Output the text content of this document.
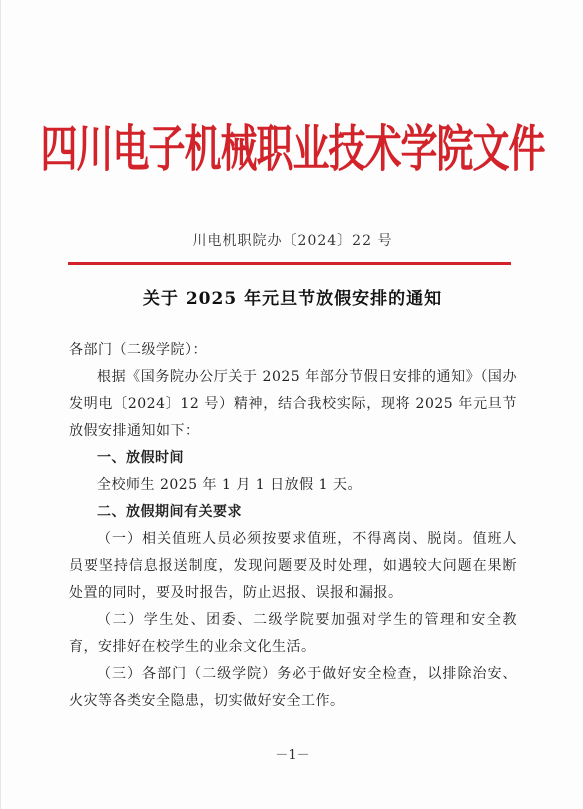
四川电子机械职业技术学院文件
川电机职院办〔2024〕22 号
关于 2025 年元旦节放假安排的通知

各部门（二级学院）：

根据《国务院办公厅关于 2025 年部分节假日安排的通知》（国办发明电〔2024〕12 号）精神，结合我校实际，现将 2025 年元旦节放假安排通知如下：

一、放假时间

全校师生 2025 年 1 月 1 日放假 1 天。

二、放假期间有关要求

（一）相关值班人员必须按要求值班，不得离岗、脱岗。值班人员要坚持信息报送制度，发现问题要及时处理，如遇较大问题在果断处置的同时，要及时报告，防止迟报、误报和漏报。

（二）学生处、团委、二级学院要加强对学生的管理和安全教育，安排好在校学生的业余文化生活。

（三）各部门（二级学院）务必于做好安全检查，以排除治安、火灾等各类安全隐患，切实做好安全工作。

－1－
